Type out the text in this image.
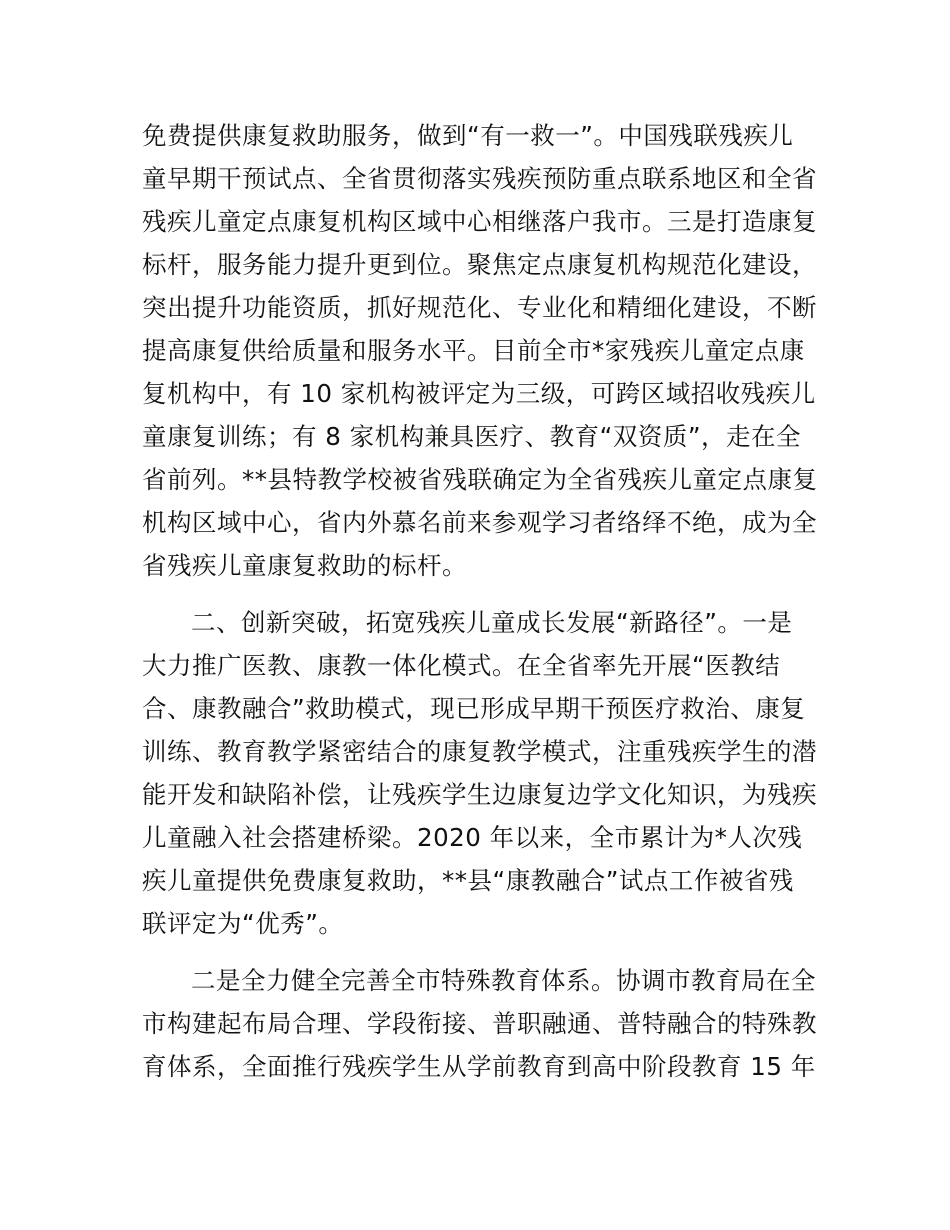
免费提供康复救助服务，做到“有一救一”。中国残联残疾儿
童早期干预试点、全省贯彻落实残疾预防重点联系地区和全省
残疾儿童定点康复机构区域中心相继落户我市。三是打造康复
标杆，服务能力提升更到位。聚焦定点康复机构规范化建设，
突出提升功能资质，抓好规范化、专业化和精细化建设，不断
提高康复供给质量和服务水平。目前全市*家残疾儿童定点康
复机构中，有 10 家机构被评定为三级，可跨区域招收残疾儿
童康复训练；有 8 家机构兼具医疗、教育“双资质”，走在全
省前列。**县特教学校被省残联确定为全省残疾儿童定点康复
机构区域中心，省内外慕名前来参观学习者络绎不绝，成为全
省残疾儿童康复救助的标杆。
二、创新突破，拓宽残疾儿童成长发展“新路径”。一是
大力推广医教、康教一体化模式。在全省率先开展“医教结
合、康教融合”救助模式，现已形成早期干预医疗救治、康复
训练、教育教学紧密结合的康复教学模式，注重残疾学生的潜
能开发和缺陷补偿，让残疾学生边康复边学文化知识，为残疾
儿童融入社会搭建桥梁。2020 年以来，全市累计为*人次残
疾儿童提供免费康复救助，**县“康教融合”试点工作被省残
联评定为“优秀”。
二是全力健全完善全市特殊教育体系。协调市教育局在全
市构建起布局合理、学段衔接、普职融通、普特融合的特殊教
育体系，全面推行残疾学生从学前教育到高中阶段教育 15 年
